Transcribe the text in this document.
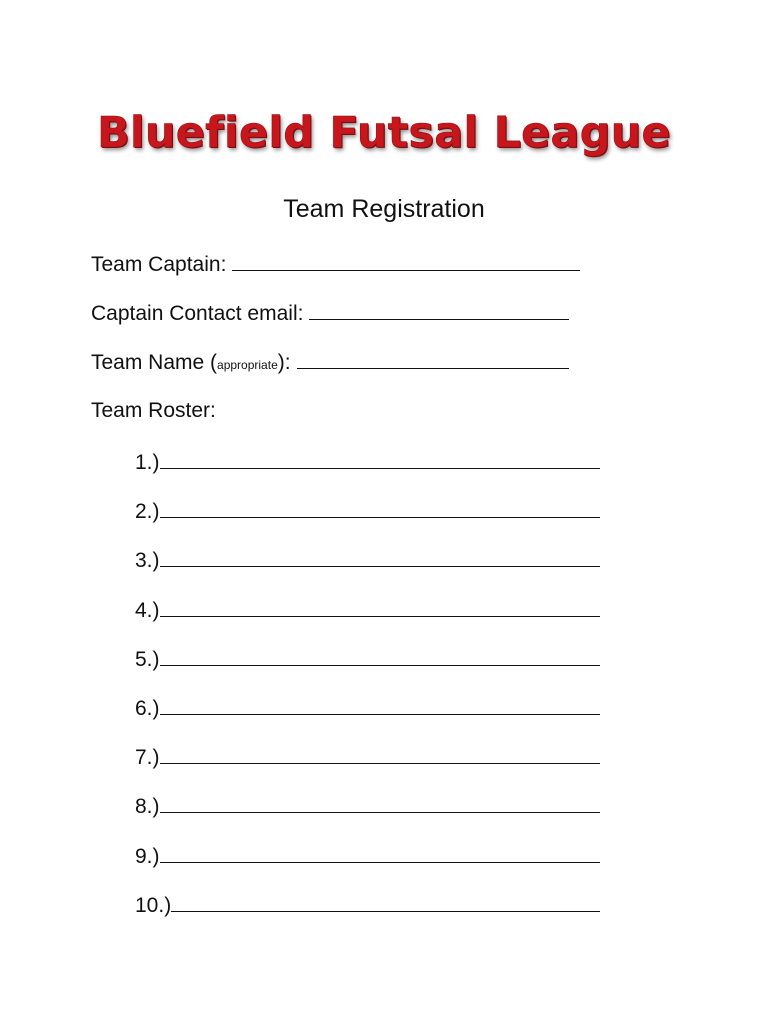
Bluefield Futsal League
Team Registration
Team Captain:
Captain Contact email:
Team Name (appropriate):
Team Roster:
1.)
2.)
3.)
4.)
5.)
6.)
7.)
8.)
9.)
10.)
